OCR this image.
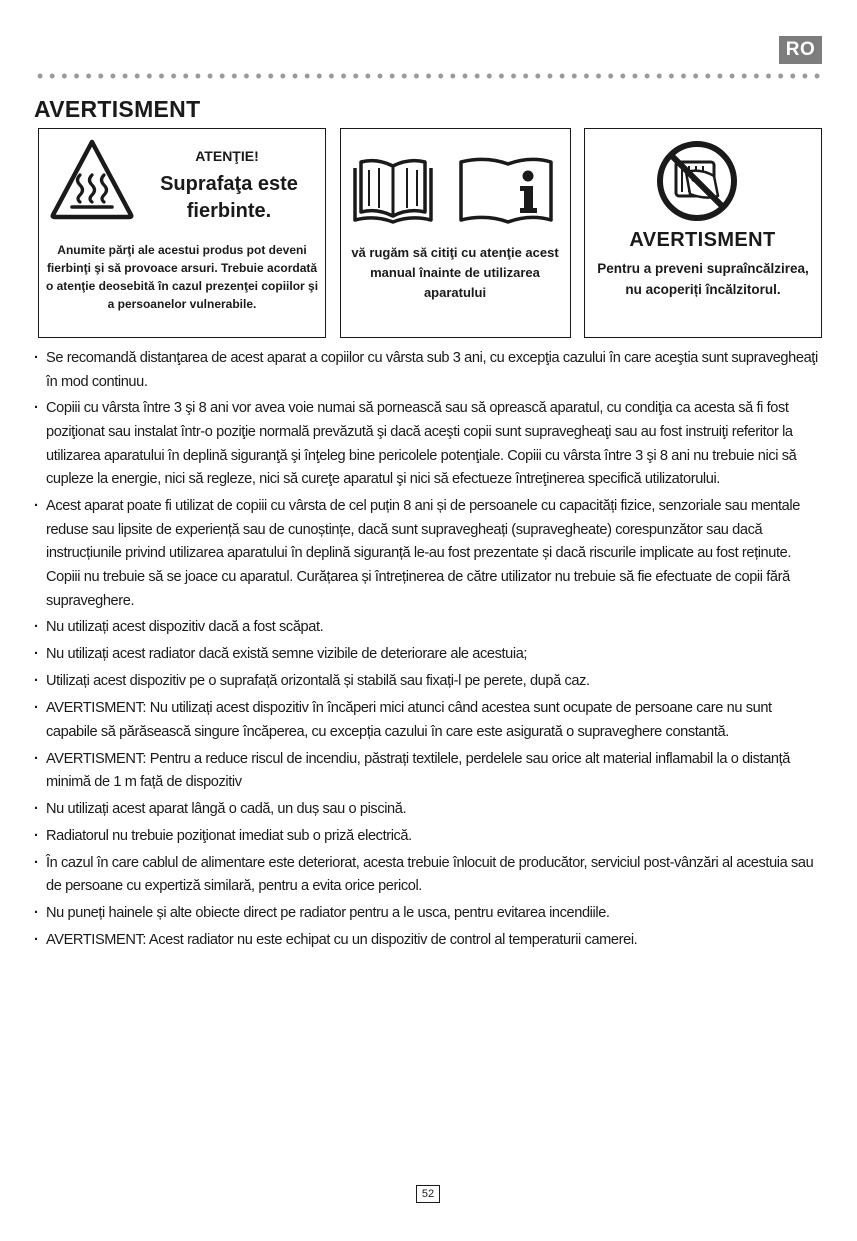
RO
AVERTISMENT
ATENŢIE!
Suprafaţa este fierbinte.
Anumite părţi ale acestui produs pot deveni fierbinţi şi să provoace arsuri. Trebuie acordată o atenţie deosebită în cazul prezenţei copiilor şi a persoanelor vulnerabile.
vă rugăm să citiţi cu atenţie acest manual înainte de utilizarea aparatului
AVERTISMENT
Pentru a preveni supraîncălzirea, nu acoperiți încălzitorul.
· Se recomandă distanţarea de acest aparat a copiilor cu vârsta sub 3 ani, cu excepţia cazului în care aceştia sunt supravegheaţi în mod continuu.
· Copiii cu vârsta între 3 şi 8 ani vor avea voie numai să pornească sau să oprească aparatul, cu condiţia ca acesta să fi fost poziţionat sau instalat într-o poziţie normală prevăzută şi dacă aceşti copii sunt supravegheaţi sau au fost instruiţi referitor la utilizarea aparatului în deplină siguranţă şi înţeleg bine pericolele potenţiale. Copiii cu vârsta între 3 şi 8 ani nu trebuie nici să cupleze la energie, nici să regleze, nici să cureţe aparatul şi nici să efectueze întreţinerea specifică utilizatorului.
· Acest aparat poate fi utilizat de copiii cu vârsta de cel puțin 8 ani și de persoanele cu capacități fizice, senzoriale sau mentale reduse sau lipsite de experiență sau de cunoștințe, dacă sunt supravegheați (supravegheate) corespunzător sau dacă instrucțiunile privind utilizarea aparatului în deplină siguranță le-au fost prezentate și dacă riscurile implicate au fost reținute. Copiii nu trebuie să se joace cu aparatul. Curățarea și întreținerea de către utilizator nu trebuie să fie efectuate de copii fără supraveghere.
· Nu utilizați acest dispozitiv dacă a fost scăpat.
· Nu utilizați acest radiator dacă există semne vizibile de deteriorare ale acestuia;
· Utilizați acest dispozitiv pe o suprafață orizontală și stabilă sau fixați-l pe perete, după caz.
· AVERTISMENT: Nu utilizați acest dispozitiv în încăperi mici atunci când acestea sunt ocupate de persoane care nu sunt capabile să părăsească singure încăperea, cu excepția cazului în care este asigurată o supraveghere constantă.
· AVERTISMENT: Pentru a reduce riscul de incendiu, păstrați textilele, perdelele sau orice alt material inflamabil la o distanță minimă de 1 m față de dispozitiv
· Nu utilizați acest aparat lângă o cadă, un duș sau o piscină.
· Radiatorul nu trebuie poziţionat imediat sub o priză electrică.
· În cazul în care cablul de alimentare este deteriorat, acesta trebuie înlocuit de producător, serviciul post-vânzări al acestuia sau de persoane cu expertiză similară, pentru a evita orice pericol.
· Nu puneți hainele și alte obiecte direct pe radiator pentru a le usca, pentru evitarea incendiile.
· AVERTISMENT: Acest radiator nu este echipat cu un dispozitiv de control al temperaturii camerei.
52
